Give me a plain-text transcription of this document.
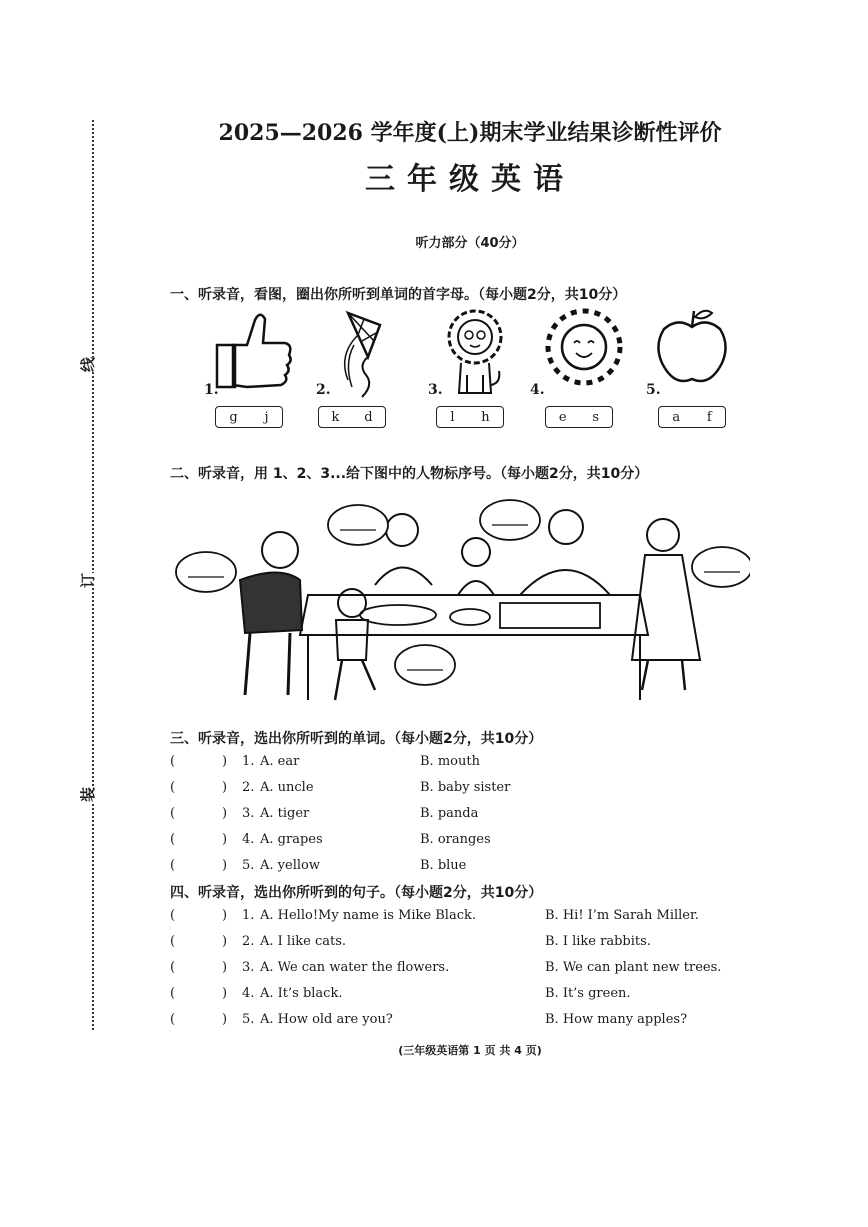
线
订
装
2025—2026 学年度(上)期末学业结果诊断性评价
三年级英语
听力部分（40分）
一、听录音，看图，圈出你所听到单词的首字母。（每小题2分，共10分）
1.	2.	3.	4.	5.
g j	k d	l h	e s	a f
二、听录音，用 1、2、3...给下图中的人物标序号。（每小题2分，共10分）
三、听录音，选出你所听到的单词。（每小题2分，共10分）
(	) 1. A. ear	B. mouth
(	) 2. A. uncle	B. baby sister
(	) 3. A. tiger	B. panda
(	) 4. A. grapes	B. oranges
(	) 5. A. yellow	B. blue
四、听录音，选出你所听到的句子。（每小题2分，共10分）
(	) 1. A. Hello!My name is Mike Black.	B. Hi! I’m Sarah Miller.
(	) 2. A. I like cats.	B. I like rabbits.
(	) 3. A. We can water the flowers.	B. We can plant new trees.
(	) 4. A. It’s black.	B. It’s green.
(	) 5. A. How old are you?	B. How many apples?
(三年级英语第 1 页 共 4 页)
